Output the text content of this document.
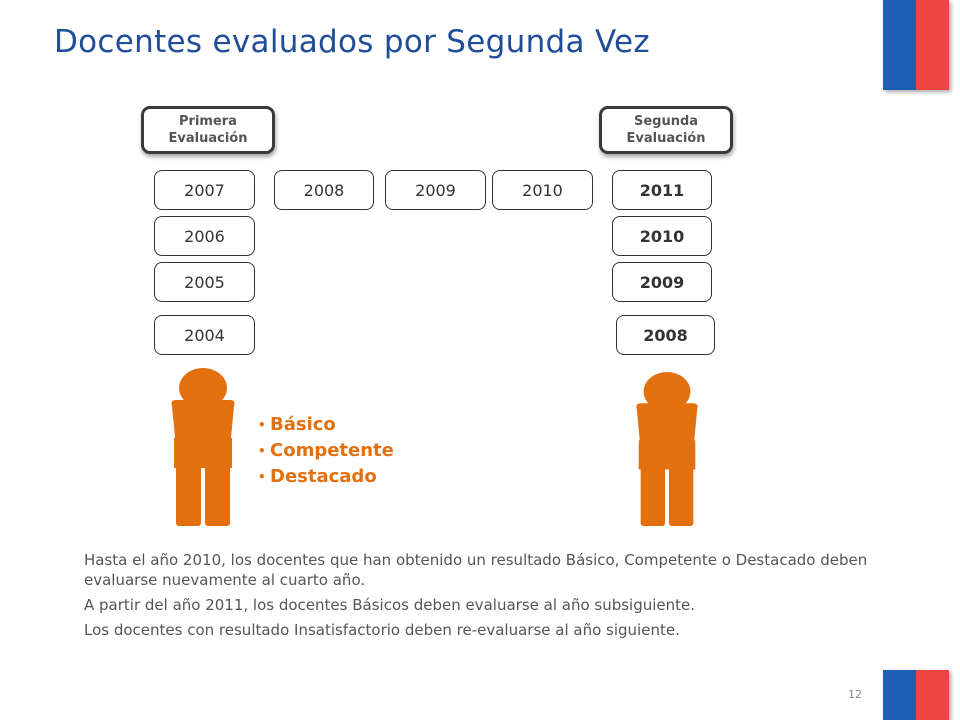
Docentes evaluados por Segunda Vez
Primera
Evaluación
Segunda
Evaluación
2007	2008	2009	2010	2011
2006
2005
2004
2010
2009
2008
• Básico
• Competente
• Destacado

Hasta el año 2010, los docentes que han obtenido un resultado Básico, Competente o Destacado deben evaluarse nuevamente al cuarto año.

A partir del año 2011, los docentes Básicos deben evaluarse al año subsiguiente.

Los docentes con resultado Insatisfactorio deben re-evaluarse al año siguiente.

12
